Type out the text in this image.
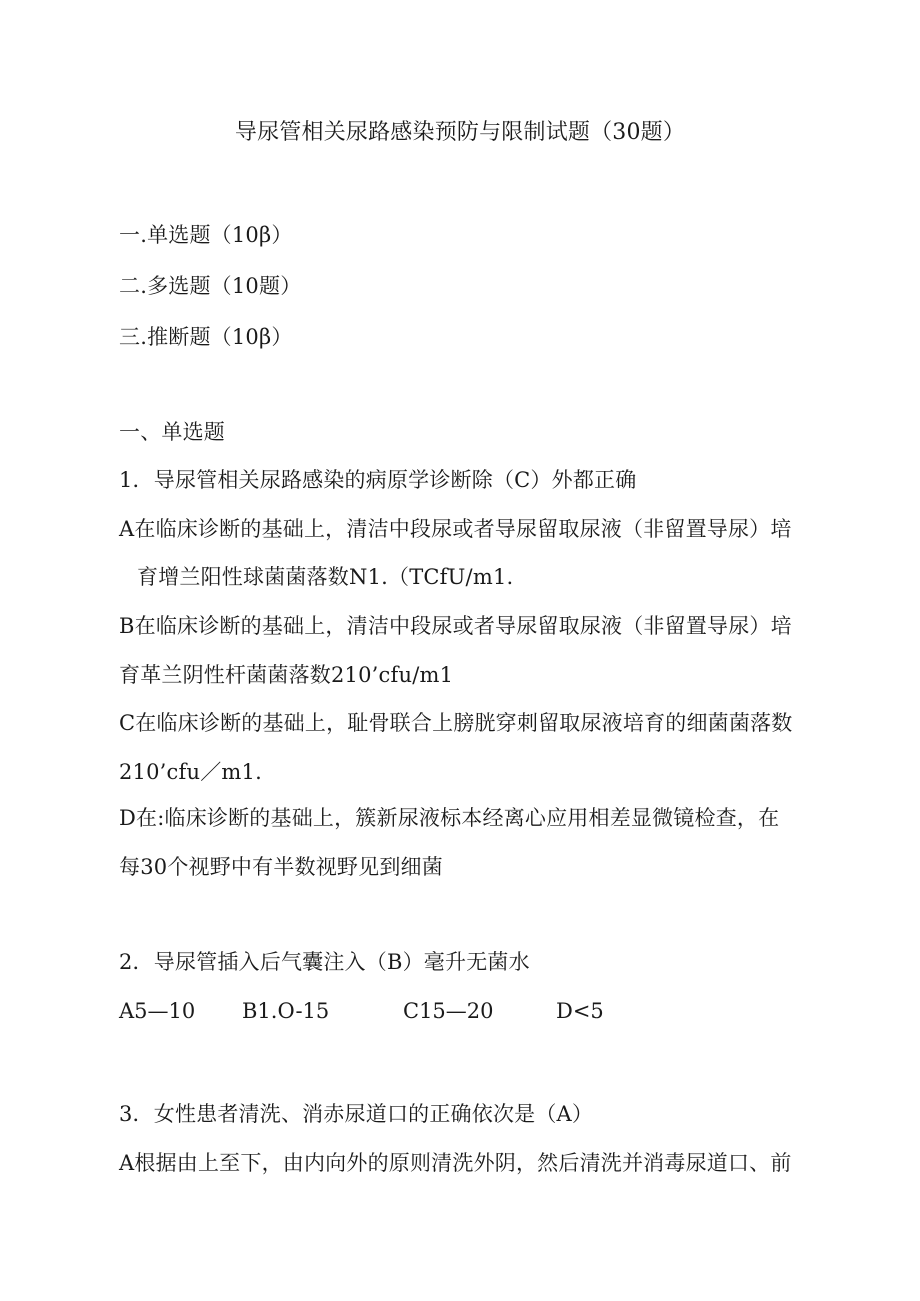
导尿管相关尿路感染预防与限制试题（30题）
一.单选题（10β）
二.多选题（10题）
三.推断题（10β）
一、单选题
1．导尿管相关尿路感染的病原学诊断除（C）外都正确
A在临床诊断的基础上，清洁中段尿或者导尿留取尿液（非留置导尿）培
育增兰阳性球菌菌落数N1.（TCfU/m1.
B在临床诊断的基础上，清洁中段尿或者导尿留取尿液（非留置导尿）培
育革兰阴性杆菌菌落数210’cfu/m1
C在临床诊断的基础上，耻骨联合上膀胱穿刺留取尿液培育的细菌菌落数
210’cfu／m1.
D在:临床诊断的基础上，簇新尿液标本经离心应用相差显微镜检查，在
每30个视野中有半数视野见到细菌
2．导尿管插入后气囊注入（B）毫升无菌水
A5—10 B1.O-15	C15—20	D<5
3．女性患者清洗、消赤尿道口的正确依次是（A）
A根据由上至下，由内向外的原则清洗外阴，然后清洗并消毒尿道口、前
